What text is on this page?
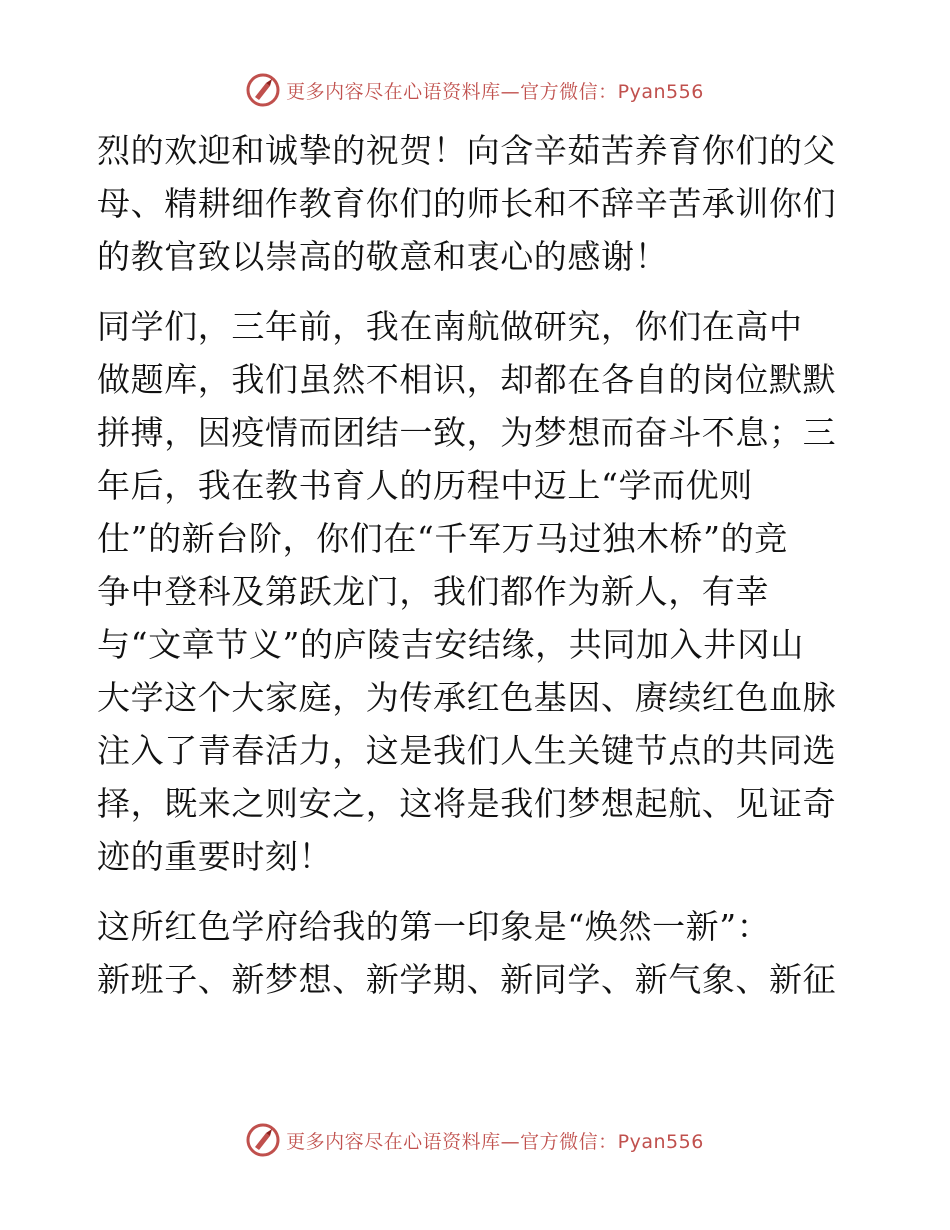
更多内容尽在心语资料库—官方微信：Pyan556
烈的欢迎和诚挚的祝贺！向含辛茹苦养育你们的父
母、精耕细作教育你们的师长和不辞辛苦承训你们
的教官致以崇高的敬意和衷心的感谢！
同学们，三年前，我在南航做研究，你们在高中
做题库，我们虽然不相识，却都在各自的岗位默默
拼搏，因疫情而团结一致，为梦想而奋斗不息；三
年后，我在教书育人的历程中迈上“学而优则
仕”的新台阶，你们在“千军万马过独木桥”的竞
争中登科及第跃龙门，我们都作为新人，有幸
与“文章节义”的庐陵吉安结缘，共同加入井冈山
大学这个大家庭，为传承红色基因、赓续红色血脉
注入了青春活力，这是我们人生关键节点的共同选
择，既来之则安之，这将是我们梦想起航、见证奇
迹的重要时刻！
这所红色学府给我的第一印象是“焕然一新”：
新班子、新梦想、新学期、新同学、新气象、新征
更多内容尽在心语资料库—官方微信：Pyan556
